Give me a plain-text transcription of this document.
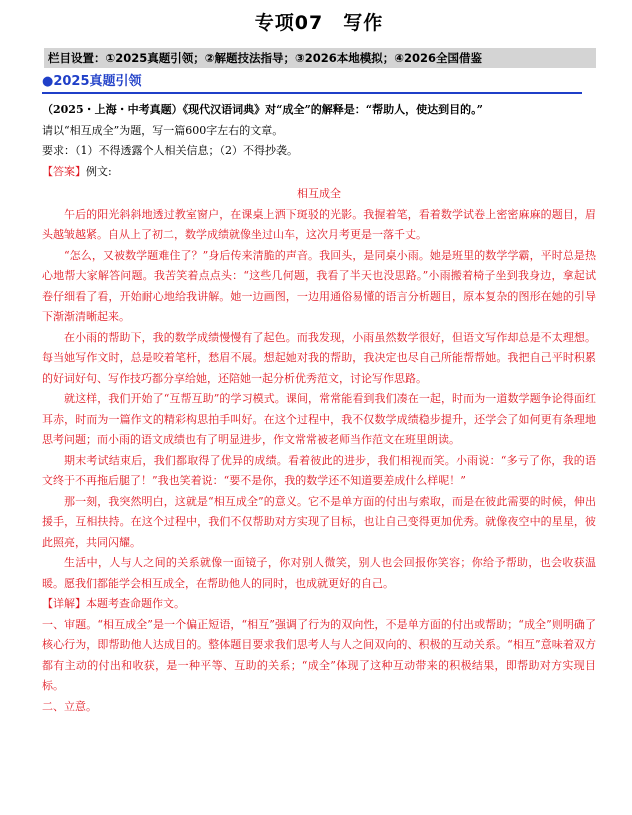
专项07　写作
栏目设置：①2025真题引领；②解题技法指导；③2026本地模拟；④2026全国借鉴
●2025真题引领
（2025・上海・中考真题）《现代汉语词典》对“成全”的解释是：“帮助人，使达到目的。”
请以“相互成全”为题，写一篇600字左右的文章。
要求：（1）不得透露个人相关信息；（2）不得抄袭。
【答案】例文:
相互成全
午后的阳光斜斜地透过教室窗户，在课桌上洒下斑驳的光影。我握着笔，看着数学试卷上密密麻麻的题目，眉头越皱越紧。自从上了初二，数学成绩就像坐过山车，这次月考更是一落千丈。
“怎么，又被数学题难住了？”身后传来清脆的声音。我回头，是同桌小雨。她是班里的数学学霸，平时总是热心地帮大家解答问题。我苦笑着点点头：“这些几何题，我看了半天也没思路。”小雨搬着椅子坐到我身边，拿起试卷仔细看了看，开始耐心地给我讲解。她一边画图，一边用通俗易懂的语言分析题目，原本复杂的图形在她的引导下渐渐清晰起来。
在小雨的帮助下，我的数学成绩慢慢有了起色。而我发现，小雨虽然数学很好，但语文写作却总是不太理想。每当她写作文时，总是咬着笔杆，愁眉不展。想起她对我的帮助，我决定也尽自己所能帮帮她。我把自己平时积累的好词好句、写作技巧都分享给她，还陪她一起分析优秀范文，讨论写作思路。
就这样，我们开始了“互帮互助”的学习模式。课间，常常能看到我们凑在一起，时而为一道数学题争论得面红耳赤，时而为一篇作文的精彩构思拍手叫好。在这个过程中，我不仅数学成绩稳步提升，还学会了如何更有条理地思考问题；而小雨的语文成绩也有了明显进步，作文常常被老师当作范文在班里朗读。
期末考试结束后，我们都取得了优异的成绩。看着彼此的进步，我们相视而笑。小雨说：“多亏了你，我的语文终于不再拖后腿了！”我也笑着说：“要不是你，我的数学还不知道要差成什么样呢！”
那一刻，我突然明白，这就是“相互成全”的意义。它不是单方面的付出与索取，而是在彼此需要的时候，伸出援手，互相扶持。在这个过程中，我们不仅帮助对方实现了目标，也让自己变得更加优秀。就像夜空中的星星，彼此照亮，共同闪耀。
生活中，人与人之间的关系就像一面镜子，你对别人微笑，别人也会回报你笑容；你给予帮助，也会收获温暖。愿我们都能学会相互成全，在帮助他人的同时，也成就更好的自己。
【详解】本题考查命题作文。
一、审题。“相互成全”是一个偏正短语，“相互”强调了行为的双向性，不是单方面的付出或帮助；“成全”则明确了核心行为，即帮助他人达成目的。整体题目要求我们思考人与人之间双向的、积极的互动关系。“相互”意味着双方都有主动的付出和收获，是一种平等、互助的关系；“成全”体现了这种互动带来的积极结果，即帮助对方实现目标。
二、立意。
